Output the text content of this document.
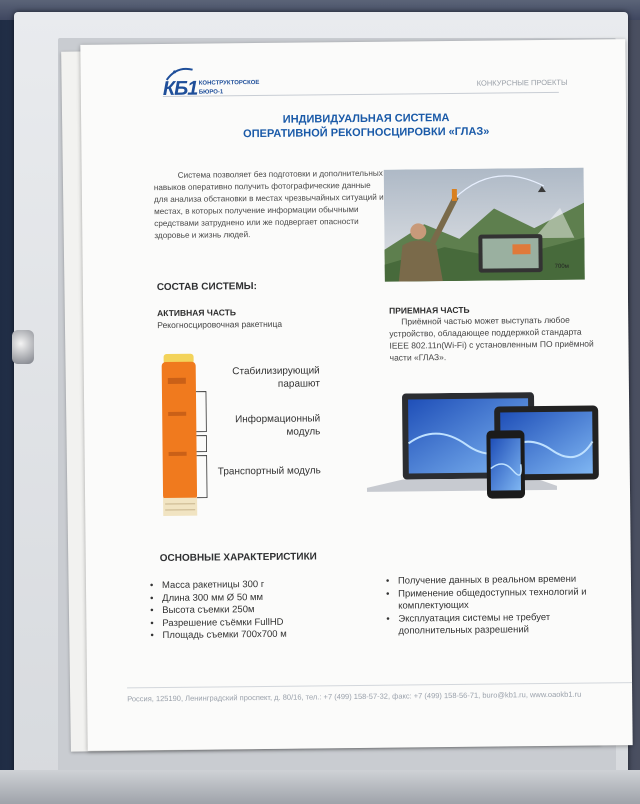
КБ1 КОНСТРУКТОРСКОЕ
БЮРО-1
КОНКУРСНЫЕ ПРОЕКТЫ
ИНДИВИДУАЛЬНАЯ СИСТЕМА
ОПЕРАТИВНОЙ РЕКОГНОСЦИРОВКИ «ГЛАЗ»
Система позволяет без подготовки и дополнительных навыков оперативно получить фотографические данные для анализа обстановки в местах чрезвычайных ситуаций и местах, в которых получение информации обычными средствами затруднено или же подвергает опасности здоровье и жизнь людей.
700м
СОСТАВ СИСТЕМЫ:
АКТИВНАЯ ЧАСТЬ
Рекогносцировочная ракетница
ПРИЕМНАЯ ЧАСТЬ
Приёмной частью может выступать любое устройство, обладающее поддержкой стандарта IEEE 802.11n(Wi-Fi) с установленным ПО приёмной части «ГЛАЗ».
Стабилизирующий парашют
Информационный модуль
Транспортный модуль
ОСНОВНЫЕ ХАРАКТЕРИСТИКИ
• Масса ракетницы 300 г
• Длина 300 мм Ø 50 мм
• Высота съемки 250м
• Разрешение съёмки FullHD
• Площадь съемки 700х700 м
• Получение данных в реальном времени
• Применение общедоступных технологий и комплектующих
• Эксплуатация системы не требует дополнительных разрешений
Россия, 125190, Ленинградский проспект, д. 80/16, тел.: +7 (499) 158-57-32, факс: +7 (499) 158-56-71, buro@kb1.ru, www.oaokb1.ru
